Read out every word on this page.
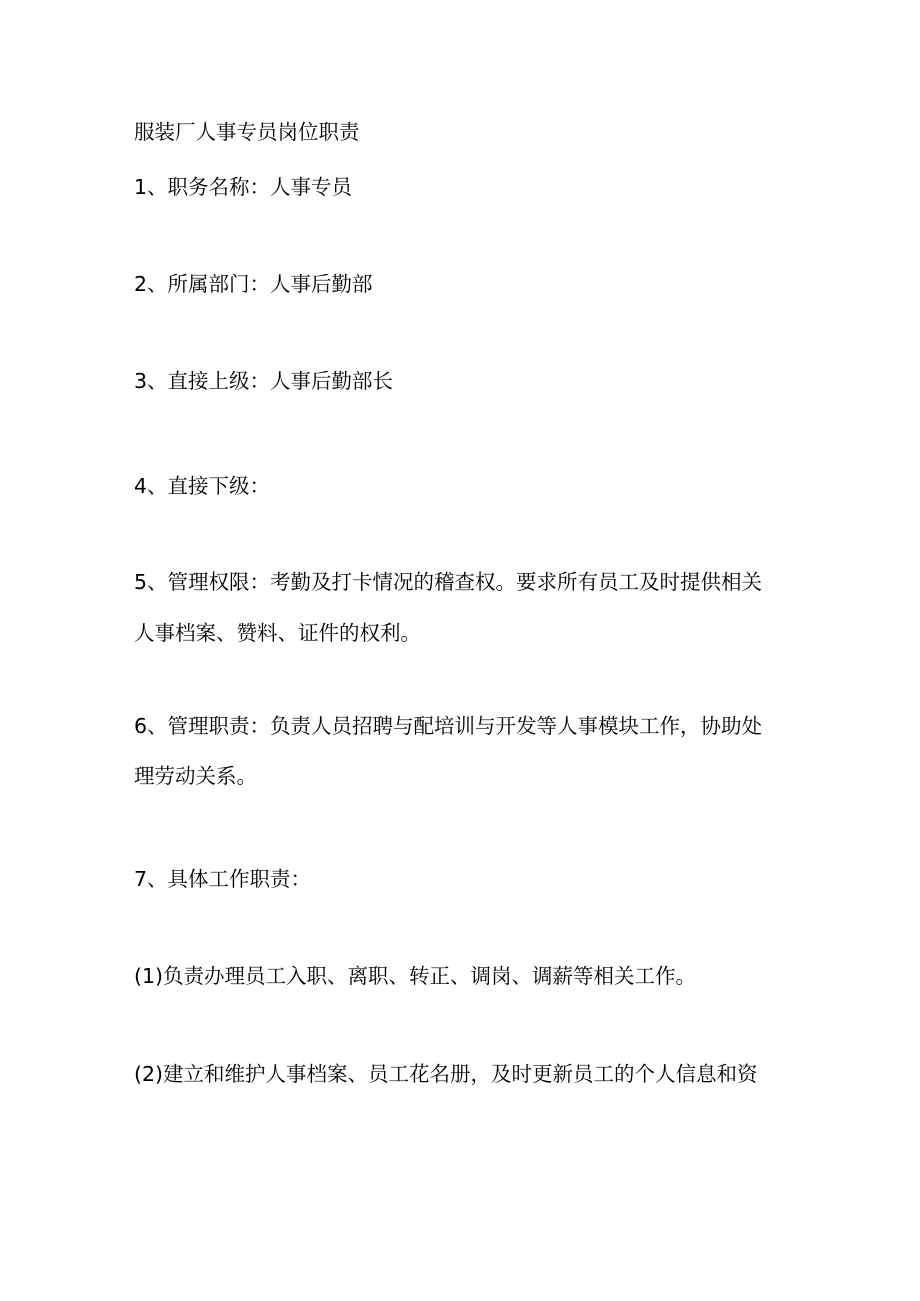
服装厂人事专员岗位职责
1、职务名称：人事专员
2、所属部门：人事后勤部
3、直接上级：人事后勤部长
4、直接下级：
5、管理权限：考勤及打卡情况的稽查权。要求所有员工及时提供相关
人事档案、赞料、证件的权利。
6、管理职责：负责人员招聘与配培训与开发等人事模块工作，协助处
理劳动关系。
7、具体工作职责：
(1)负责办理员工入职、离职、转正、调岗、调薪等相关工作。
(2)建立和维护人事档案、员工花名册，及时更新员工的个人信息和资
